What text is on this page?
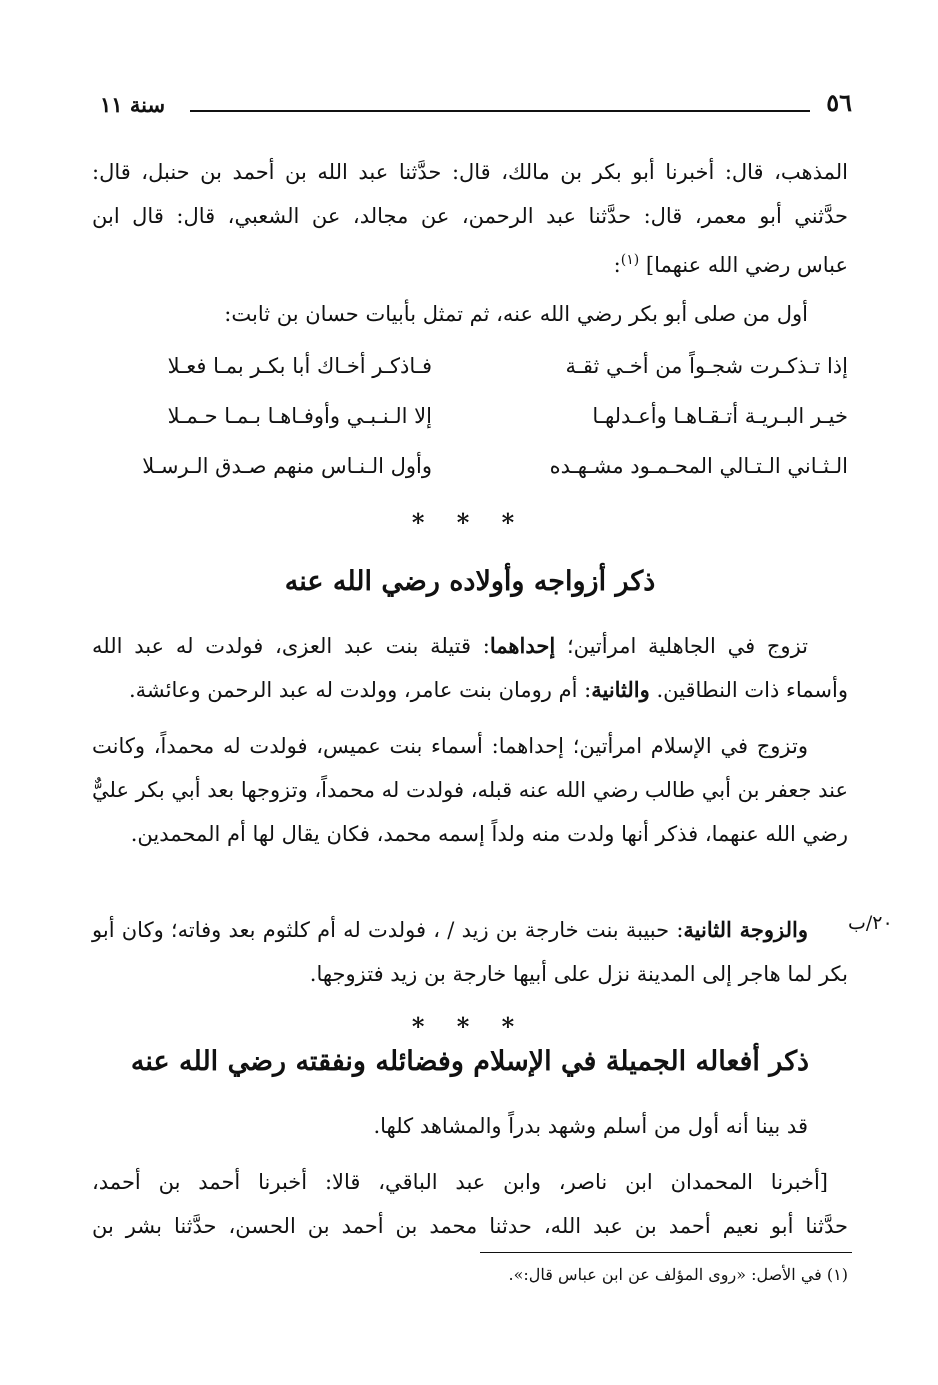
٥٦
سنة ١١
المذهب، قال: أخبرنا أبو بكر بن مالك، قال: حدَّثنا عبد الله بن أحمد بن حنبل، قال:
حدَّثني أبو معمر، قال: حدَّثنا عبد الرحمن، عن مجالد، عن الشعبي، قال: قال ابن
عباس رضي الله عنهما] $^{(١)}$:
أول من صلى أبو بكر رضي الله عنه، ثم تمثل بأبيات حسان بن ثابت:
إذا تـذكـرت شجـواً من أخـي ثقـة
فـاذكـر أخـاك أبا بكـر بمـا فعـلا
خيـر البـريـة أتـقـاهـا وأعـدلهـا
إلا الـنـبـي وأوفـاهـا بـمـا حـمـلا
الـثـاني الـتـالي المحـمـود مشـهـده
وأول الـنـاس منهم صـدق الـرسـلا
* * *
ذكر أزواجه وأولاده رضي الله عنه
تزوج في الجاهلية امرأتين؛ إحداهما: قتيلة بنت عبد العزى، فولدت له عبد الله وأسماء ذات النطاقين. والثانية: أم رومان بنت عامر، وولدت له عبد الرحمن وعائشة.
وتزوج في الإسلام امرأتين؛ إحداهما: أسماء بنت عميس، فولدت له محمداً، وكانت عند جعفر بن أبي طالب رضي الله عنه قبله، فولدت له محمداً، وتزوجها بعد أبي بكر عليٌّ رضي الله عنهما، فذكر أنها ولدت منه ولداً إسمه محمد، فكان يقال لها أم المحمدين.
٢٠/ب
والزوجة الثانية: حبيبة بنت خارجة بن زيد / ، فولدت له أم كلثوم بعد وفاته؛ وكان أبو بكر لما هاجر إلى المدينة نزل على أبيها خارجة بن زيد فتزوجها.
* * *
ذكر أفعاله الجميلة في الإسلام وفضائله ونفقته رضي الله عنه
قد بينا أنه أول من أسلم وشهد بدراً والمشاهد كلها.
[أخبرنا المحمدان ابن ناصر، وابن عبد الباقي، قالا: أخبرنا أحمد بن أحمد،
حدَّثنا أبو نعيم أحمد بن عبد الله، حدثنا محمد بن أحمد بن الحسن، حدَّثنا بشر بن
(١) في الأصل: «روى المؤلف عن ابن عباس قال:».
